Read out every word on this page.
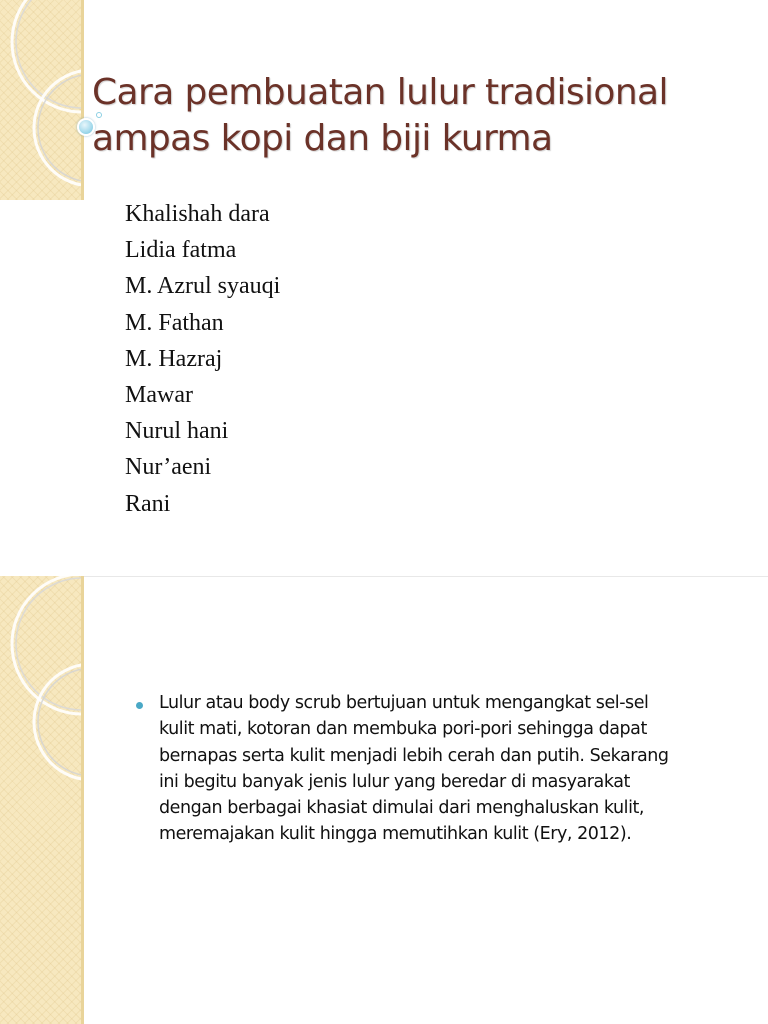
Cara pembuatan lulur tradisional
ampas kopi dan biji kurma
Khalishah dara
Lidia fatma
M. Azrul syauqi
M. Fathan
M. Hazraj
Mawar
Nurul hani
Nur’aeni
Rani
Lulur atau body scrub bertujuan untuk mengangkat sel-sel
kulit mati, kotoran dan membuka pori-pori sehingga dapat
bernapas serta kulit menjadi lebih cerah dan putih. Sekarang
ini begitu banyak jenis lulur yang beredar di masyarakat
dengan berbagai khasiat dimulai dari menghaluskan kulit,
meremajakan kulit hingga memutihkan kulit (Ery, 2012).
